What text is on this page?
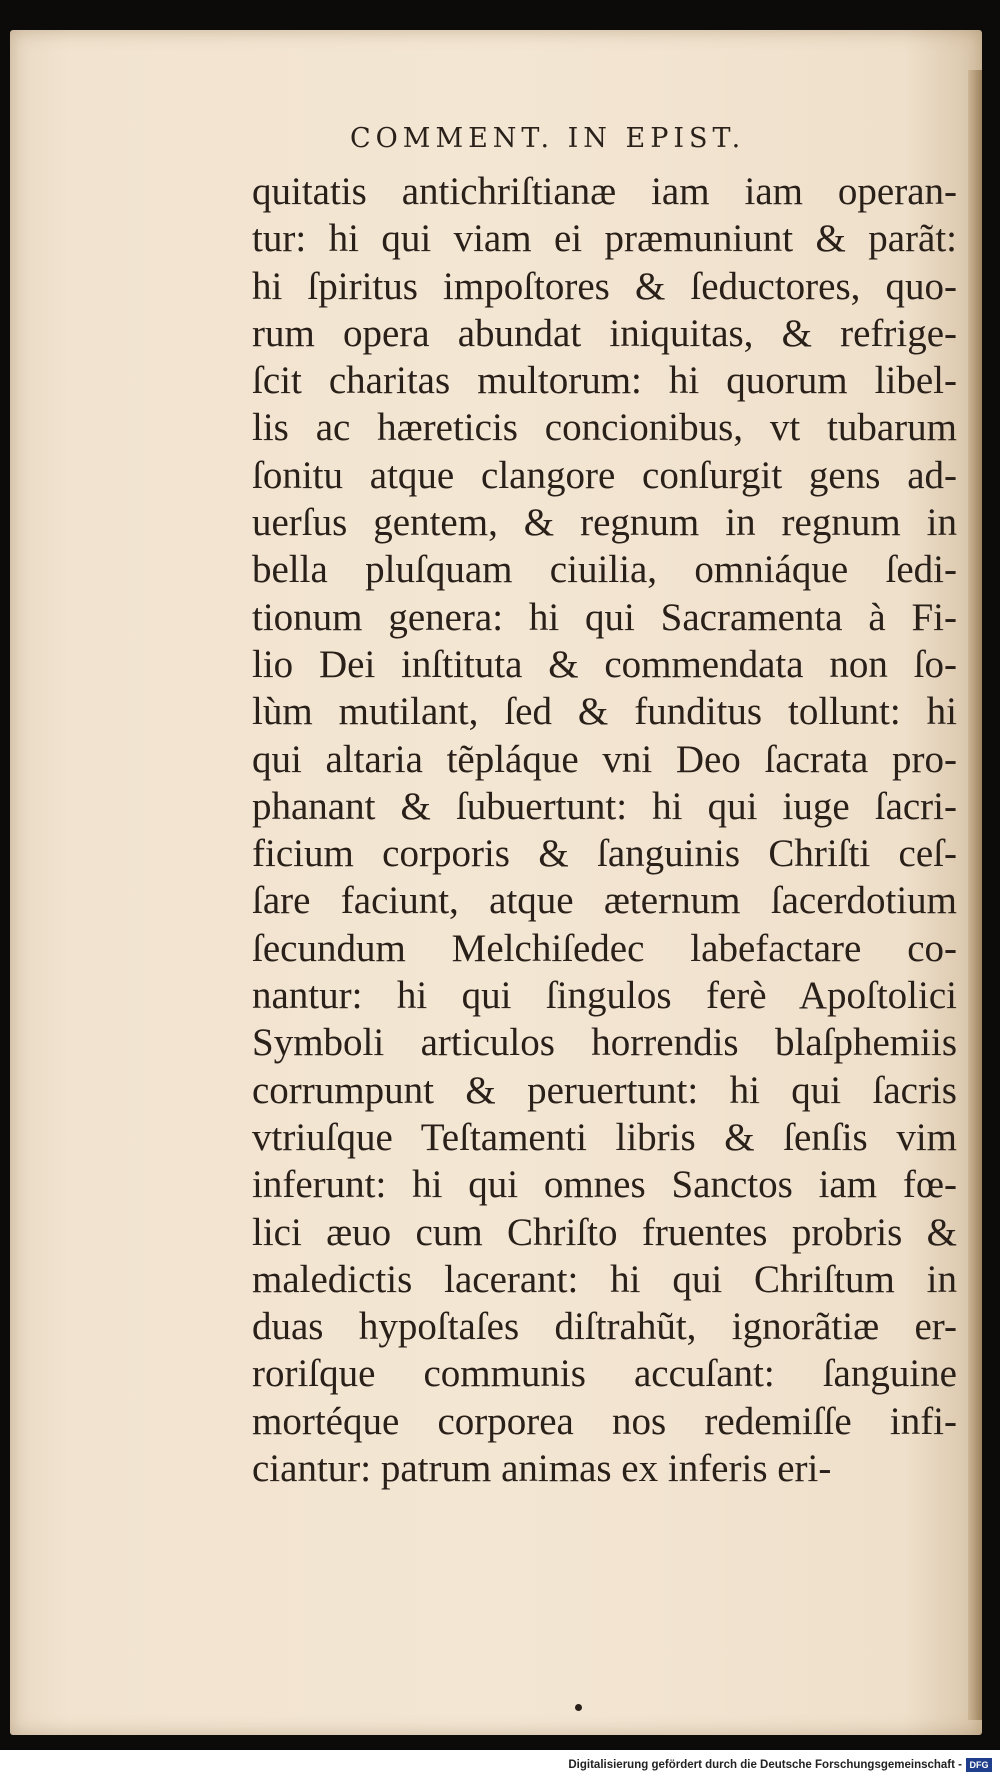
COMMENT. IN EPIST.
quitatis antichriſtianæ iam iam operan-
tur: hi qui viam ei præmuniunt & parãt:
hi ſpiritus impoſtores & ſeductores, quo-
rum opera abundat iniquitas, & refrige-
ſcit charitas multorum: hi quorum libel-
lis ac hæreticis concionibus, vt tubarum
ſonitu atque clangore conſurgit gens ad-
uerſus gentem, & regnum in regnum in
bella pluſquam ciuilia, omniáque ſedi-
tionum genera: hi qui Sacramenta à Fi-
lio Dei inſtituta & commendata non ſo-
lùm mutilant, ſed & funditus tollunt: hi
qui altaria tẽpláque vni Deo ſacrata pro-
phanant & ſubuertunt: hi qui iuge ſacri-
ficium corporis & ſanguinis Chriſti ceſ-
ſare faciunt, atque æternum ſacerdotium
ſecundum Melchiſedec labefactare co-
nantur: hi qui ſingulos ferè Apoſtolici
Symboli articulos horrendis blaſphemiis
corrumpunt & peruertunt: hi qui ſacris
vtriuſque Teſtamenti libris & ſenſis vim
inferunt: hi qui omnes Sanctos iam fœ-
lici æuo cum Chriſto fruentes probris &
maledictis lacerant: hi qui Chriſtum in
duas hypoſtaſes diſtrahũt, ignorãtiæ er-
roriſque communis accuſant: ſanguine
mortéque corporea nos redemiſſe infi-
ciantur: patrum animas ex inferis eri-
Digitalisierung gefördert durch die Deutsche Forschungsgemeinschaft - DFG
